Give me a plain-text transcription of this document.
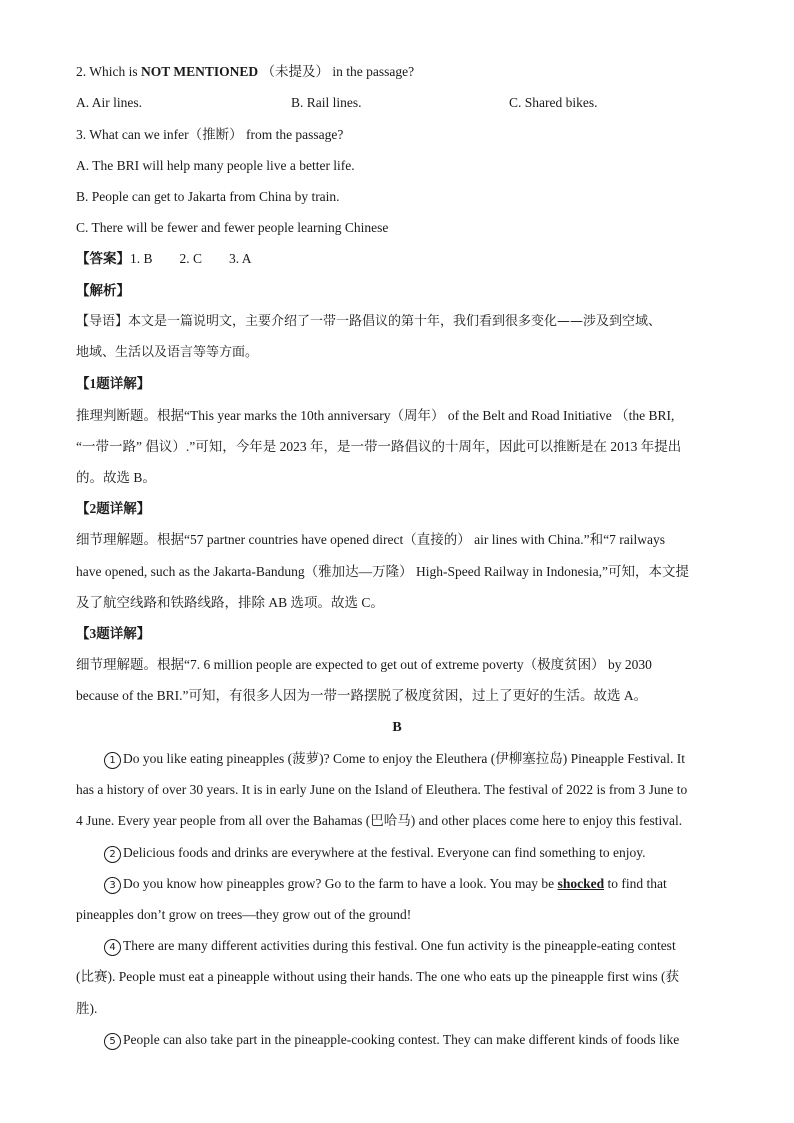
2. Which is NOT MENTIONED （未提及） in the passage?
A. Air lines.	B. Rail lines.	C. Shared bikes.
3. What can we infer（推断） from the passage?
A. The BRI will help many people live a better life.
B. People can get to Jakarta from China by train.
C. There will be fewer and fewer people learning Chinese
【答案】1. B        2. C        3. A
【解析】
【导语】本文是一篇说明文，主要介绍了一带一路倡议的第十年，我们看到很多变化——涉及到空域、
地域、生活以及语言等等方面。
【1题详解】
推理判断题。根据“This year marks the 10th anniversary（周年） of the Belt and Road Initiative （the BRI,
“一带一路” 倡议）.”可知，今年是 2023 年，是一带一路倡议的十周年，因此可以推断是在 2013 年提出
的。故选 B。
【2题详解】
细节理解题。根据“57 partner countries have opened direct（直接的） air lines with China.”和“7 railways
have opened, such as the Jakarta-Bandung（雅加达—万隆） High-Speed Railway in Indonesia,”可知，本文提
及了航空线路和铁路线路，排除 AB 选项。故选 C。
【3题详解】
细节理解题。根据“7. 6 million people are expected to get out of extreme poverty（极度贫困） by 2030
because of the BRI.”可知，有很多人因为一带一路摆脱了极度贫困，过上了更好的生活。故选 A。
B
1 Do you like eating pineapples (菠萝)? Come to enjoy the Eleuthera (伊柳塞拉岛) Pineapple Festival. It
has a history of over 30 years. It is in early June on the Island of Eleuthera. The festival of 2022 is from 3 June to
4 June. Every year people from all over the Bahamas (巴哈马) and other places come here to enjoy this festival.
2 Delicious foods and drinks are everywhere at the festival. Everyone can find something to enjoy.
3 Do you know how pineapples grow? Go to the farm to have a look. You may be shocked to find that
pineapples don’t grow on trees—they grow out of the ground!
4 There are many different activities during this festival. One fun activity is the pineapple-eating contest
(比赛). People must eat a pineapple without using their hands. The one who eats up the pineapple first wins (获
胜).
5 People can also take part in the pineapple-cooking contest. They can make different kinds of foods like
